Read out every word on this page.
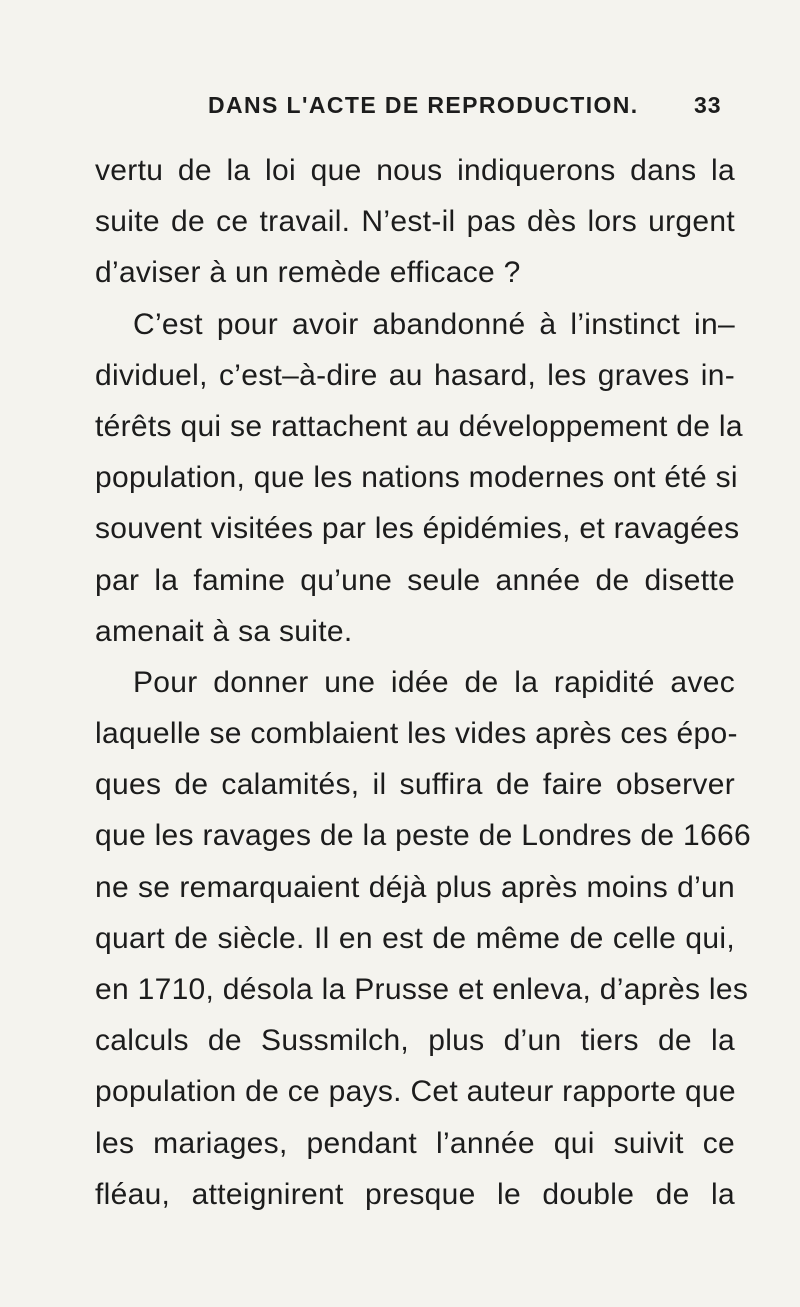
DANS L'ACTE DE REPRODUCTION. 33
vertu de la loi que nous indiquerons dans la
suite de ce travail. N’est-il pas dès lors urgent
d’aviser à un remède efficace ?
C’est pour avoir abandonné à l’instinct in–
dividuel, c’est–à-dire au hasard, les graves in-
térêts qui se rattachent au développement de la
population, que les nations modernes ont été si
souvent visitées par les épidémies, et ravagées
par la famine qu’une seule année de disette
amenait à sa suite.
Pour donner une idée de la rapidité avec
laquelle se comblaient les vides après ces épo-
ques de calamités, il suffira de faire observer
que les ravages de la peste de Londres de 1666
ne se remarquaient déjà plus après moins d’un
quart de siècle. Il en est de même de celle qui,
en 1710, désola la Prusse et enleva, d’après les
calculs de Sussmilch, plus d’un tiers de la
population de ce pays. Cet auteur rapporte que
les mariages, pendant l’année qui suivit ce
fléau, atteignirent presque le double de la
